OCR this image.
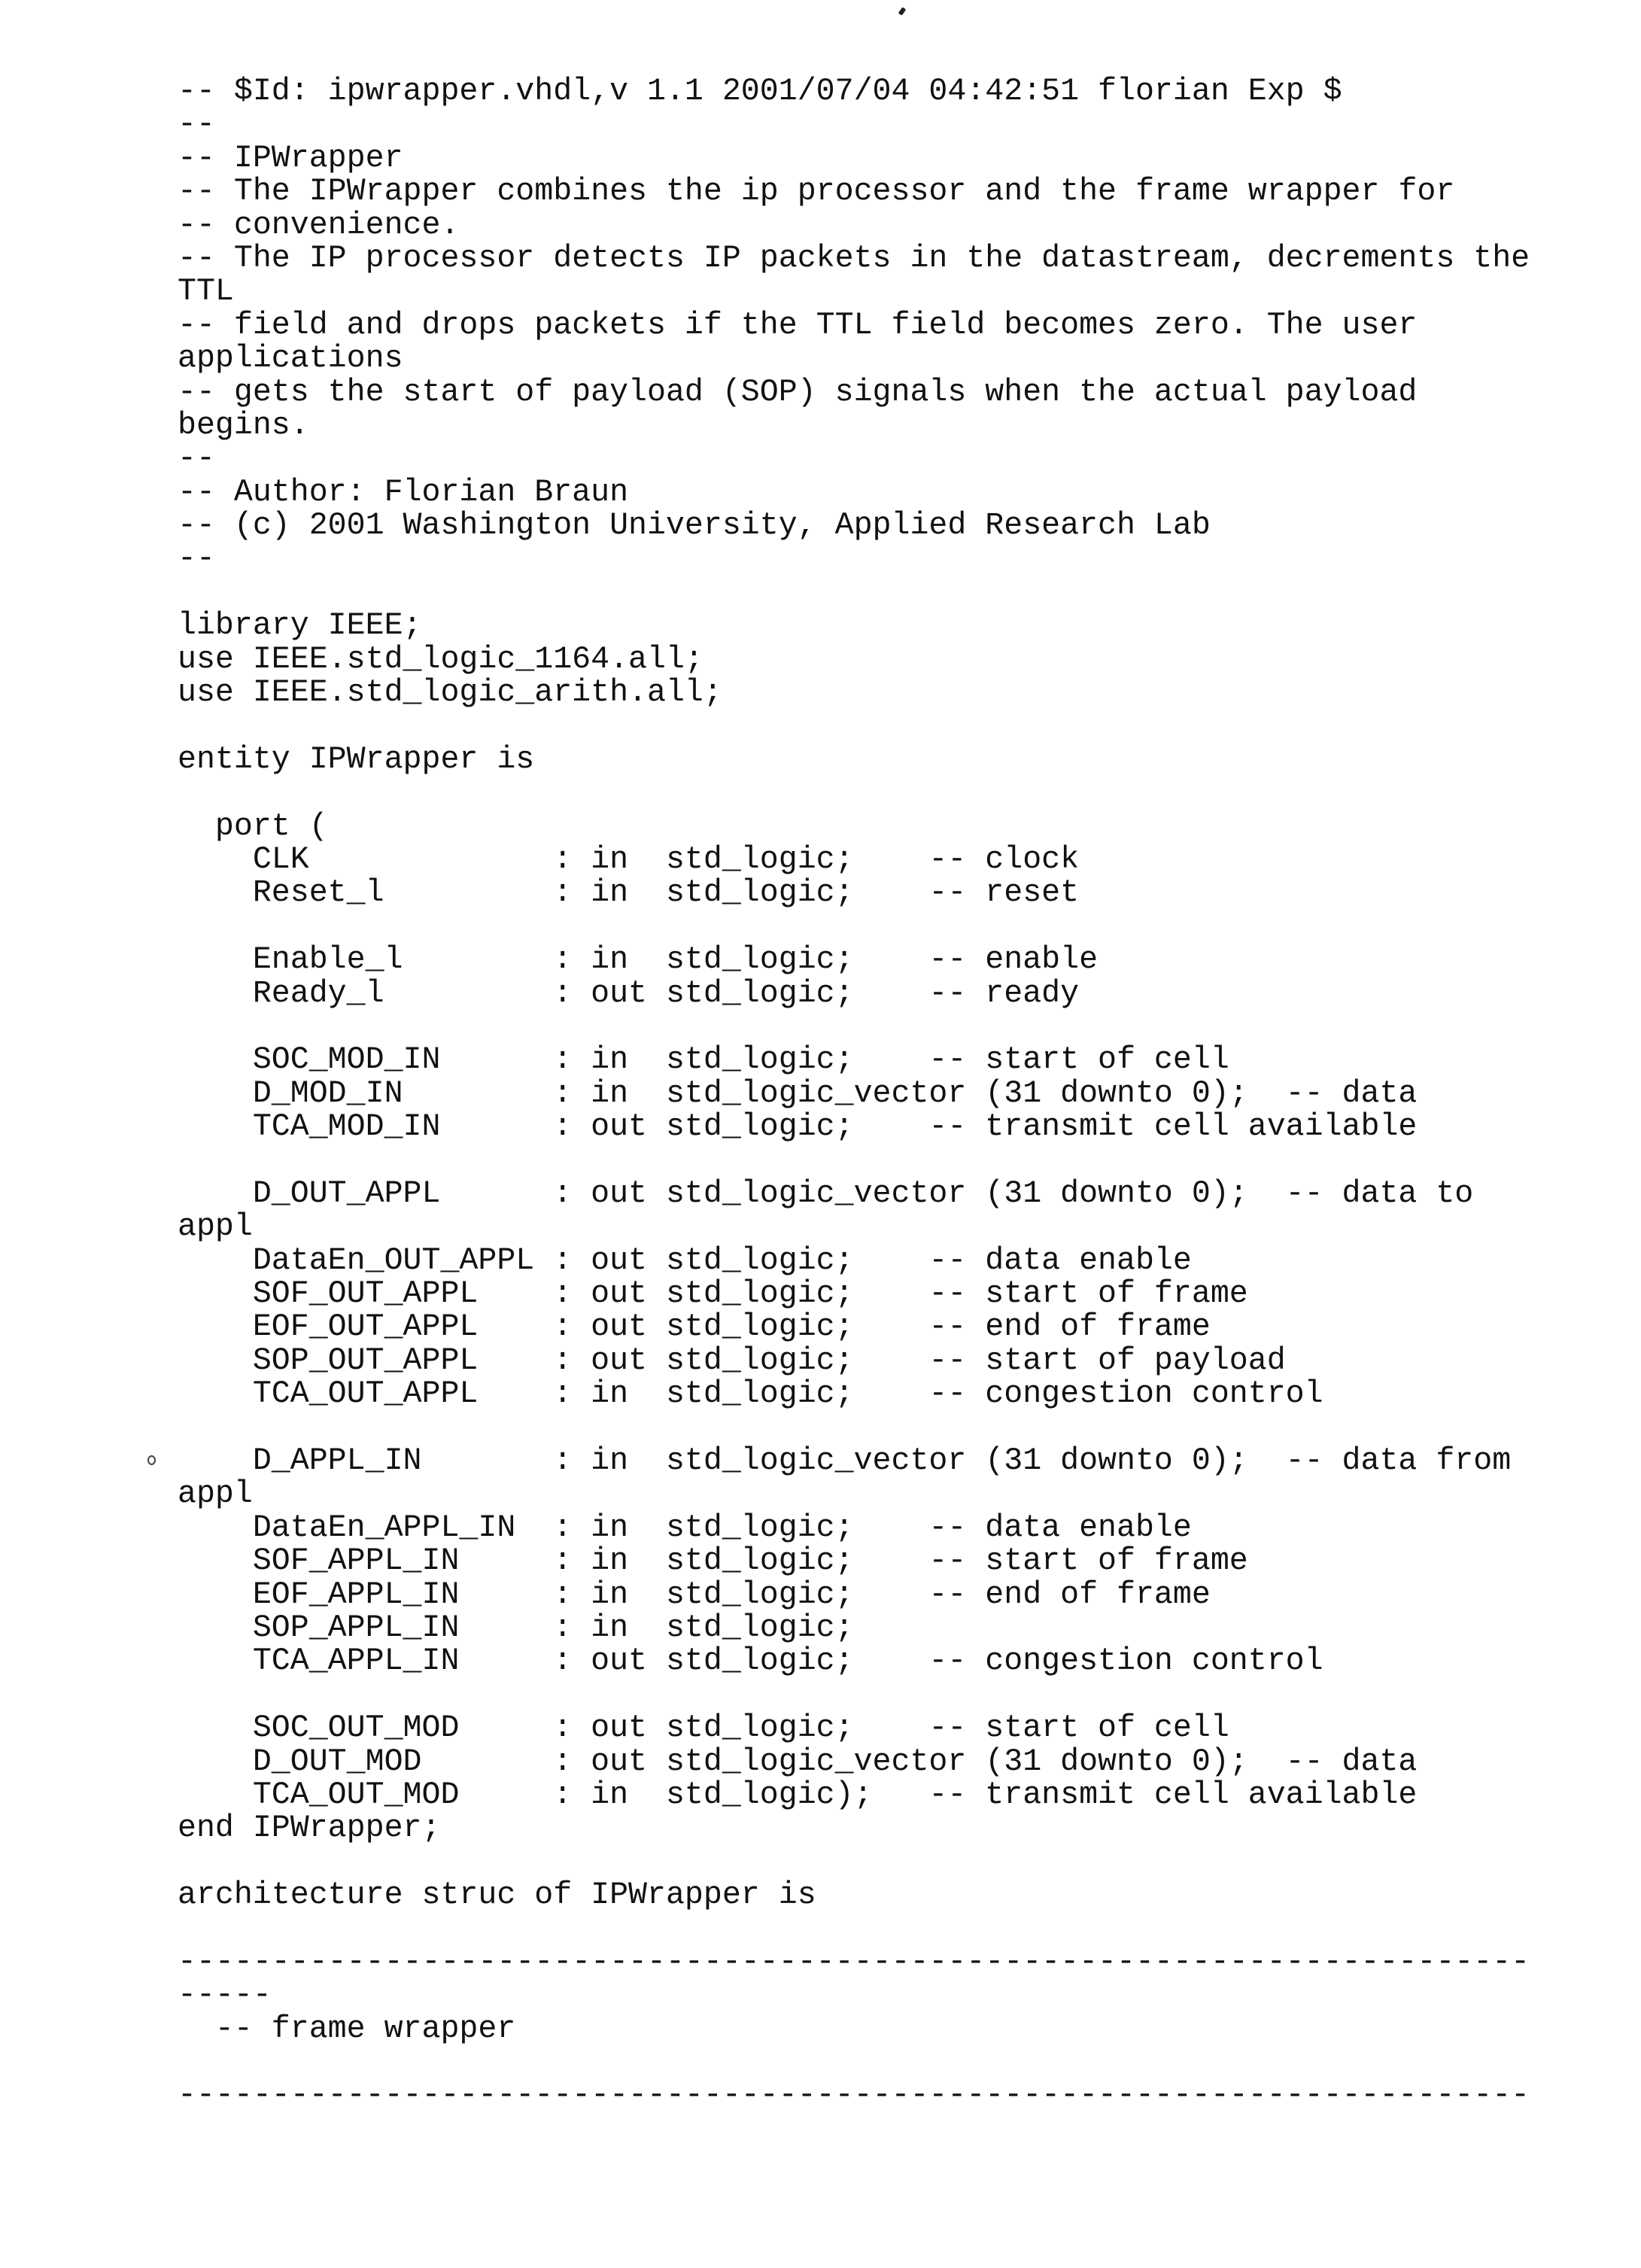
-- $Id: ipwrapper.vhdl,v 1.1 2001/07/04 04:42:51 florian Exp $
--
-- IPWrapper
-- The IPWrapper combines the ip processor and the frame wrapper for
-- convenience.
-- The IP processor detects IP packets in the datastream, decrements the
TTL
-- field and drops packets if the TTL field becomes zero. The user
applications
-- gets the start of payload (SOP) signals when the actual payload
begins.
--
-- Author: Florian Braun
-- (c) 2001 Washington University, Applied Research Lab
--
library IEEE;
use IEEE.std_logic_1164.all;
use IEEE.std_logic_arith.all;
entity IPWrapper is
port (
CLK             : in  std_logic;    -- clock
Reset_l         : in  std_logic;    -- reset
Enable_l        : in  std_logic;    -- enable
Ready_l         : out std_logic;    -- ready
SOC_MOD_IN      : in  std_logic;    -- start of cell
D_MOD_IN        : in  std_logic_vector (31 downto 0);  -- data
TCA_MOD_IN      : out std_logic;    -- transmit cell available
D_OUT_APPL      : out std_logic_vector (31 downto 0);  -- data to
appl
DataEn_OUT_APPL : out std_logic;    -- data enable
SOF_OUT_APPL    : out std_logic;    -- start of frame
EOF_OUT_APPL    : out std_logic;    -- end of frame
SOP_OUT_APPL    : out std_logic;    -- start of payload
TCA_OUT_APPL    : in  std_logic;    -- congestion control
D_APPL_IN       : in  std_logic_vector (31 downto 0);  -- data from
appl
DataEn_APPL_IN  : in  std_logic;    -- data enable
SOF_APPL_IN     : in  std_logic;    -- start of frame
EOF_APPL_IN     : in  std_logic;    -- end of frame
SOP_APPL_IN     : in  std_logic;
TCA_APPL_IN     : out std_logic;    -- congestion control
SOC_OUT_MOD     : out std_logic;    -- start of cell
D_OUT_MOD       : out std_logic_vector (31 downto 0);  -- data
TCA_OUT_MOD     : in  std_logic);   -- transmit cell available
end IPWrapper;
architecture struc of IPWrapper is
------------------------------------------------------------------------
-----
-- frame wrapper
------------------------------------------------------------------------
